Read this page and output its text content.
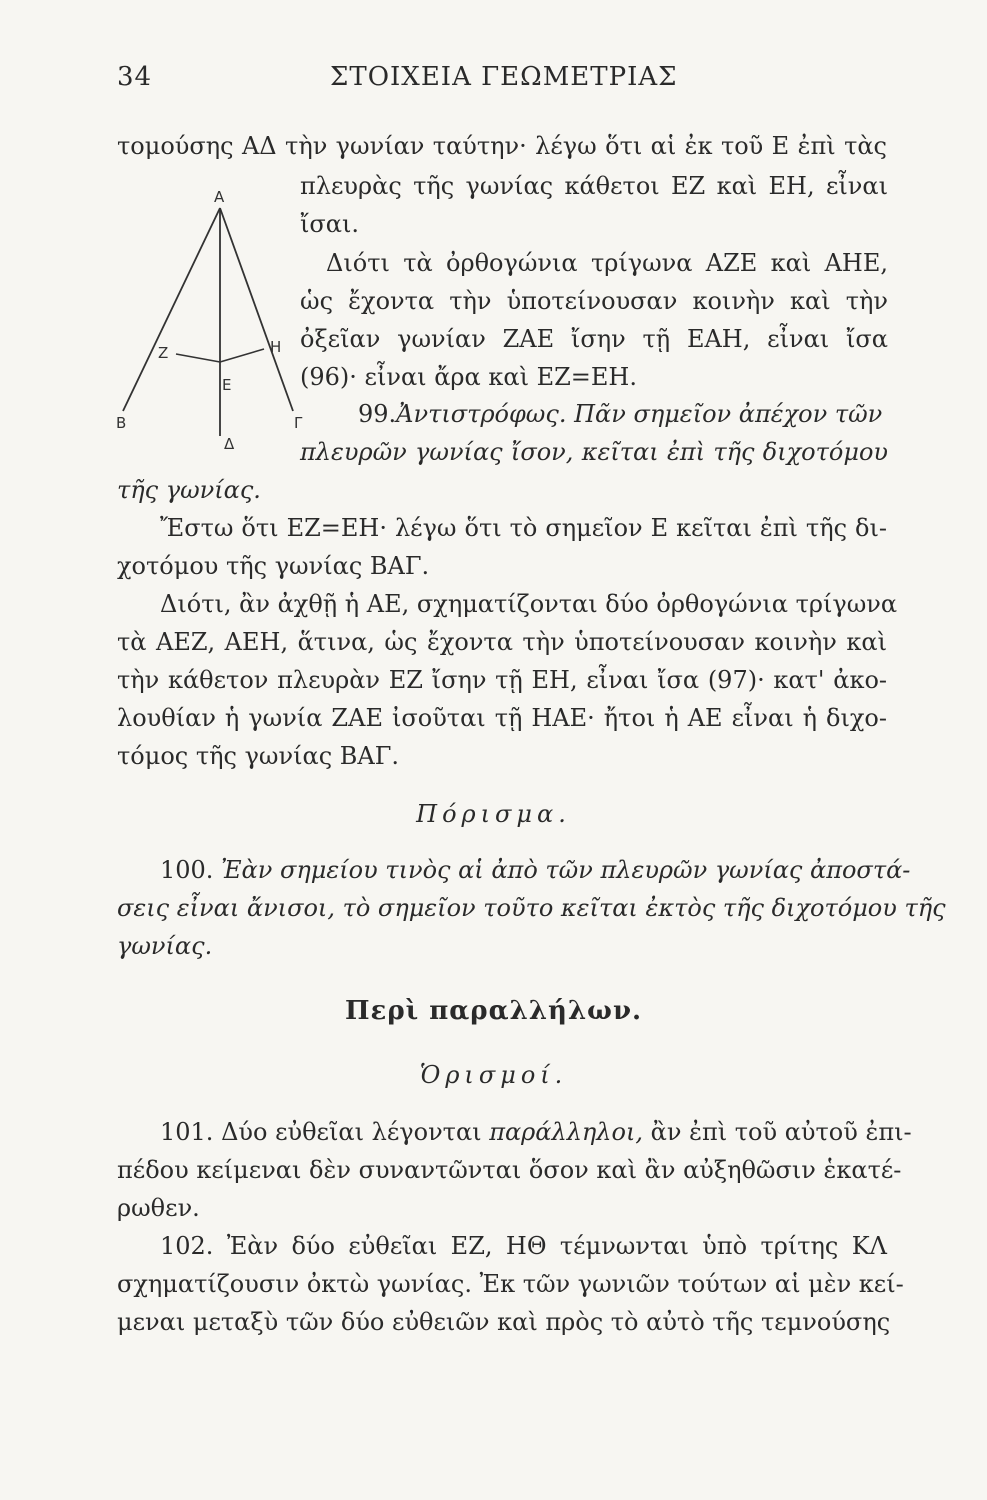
34	ΣΤΟΙΧΕΙΑ ΓΕΩΜΕΤΡΙΑΣ
Α
Ζ	Η
Ε
Β
Δ
Γ
τομούσης ΑΔ τὴν γωνίαν ταύτην· λέγω ὅτι αἱ ἐκ τοῦ Ε ἐπὶ τὰς
πλευρὰς τῆς γωνίας κάθετοι ΕΖ καὶ ΕΗ, εἶναι
ἴσαι.
Διότι τὰ ὀρθογώνια τρίγωνα ΑΖΕ καὶ ΑΗΕ,
ὡς ἔχοντα τὴν ὑποτείνουσαν κοινὴν καὶ τὴν
ὀξεῖαν γωνίαν ΖΑΕ ἴσην τῇ ΕΑΗ, εἶναι ἴσα
(96)· εἶναι ἄρα καὶ ΕΖ=ΕΗ.
99.Ἀντιστρόφως. Πᾶν σημεῖον ἀπέχον τῶν
πλευρῶν γωνίας ἴσον, κεῖται ἐπὶ τῆς διχοτόμου
τῆς γωνίας.
Ἔστω ὅτι ΕΖ=ΕΗ· λέγω ὅτι τὸ σημεῖον Ε κεῖται ἐπὶ τῆς δι-
χοτόμου τῆς γωνίας ΒΑΓ.
Διότι, ἂν ἀχθῇ ἡ ΑΕ, σχηματίζονται δύο ὀρθογώνια τρίγωνα
τὰ ΑΕΖ, ΑΕΗ, ἅτινα, ὡς ἔχοντα τὴν ὑποτείνουσαν κοινὴν καὶ
τὴν κάθετον πλευρὰν ΕΖ ἴσην τῇ ΕΗ, εἶναι ἴσα (97)· κατ' ἀκο-
λουθίαν ἡ γωνία ΖΑΕ ἰσοῦται τῇ ΗΑΕ· ἤτοι ἡ ΑΕ εἶναι ἡ διχο-
τόμος τῆς γωνίας ΒΑΓ.
Πόρισμα.
100. Ἐὰν σημείου τινὸς αἱ ἀπὸ τῶν πλευρῶν γωνίας ἀποστά-
σεις εἶναι ἄνισοι, τὸ σημεῖον τοῦτο κεῖται ἐκτὸς τῆς διχοτόμου τῆς
γωνίας.
Περὶ παραλλήλων.
Ὁρισμοί.
101. Δύο εὐθεῖαι λέγονται παράλληλοι, ἂν ἐπὶ τοῦ αὐτοῦ ἐπι-
πέδου κείμεναι δὲν συναντῶνται ὅσον καὶ ἂν αὐξηθῶσιν ἑκατέ-
ρωθεν.
102. Ἐὰν δύο εὐθεῖαι ΕΖ, ΗΘ τέμνωνται ὑπὸ τρίτης ΚΛ
σχηματίζουσιν ὀκτὼ γωνίας. Ἐκ τῶν γωνιῶν τούτων αἱ μὲν κεί-
μεναι μεταξὺ τῶν δύο εὐθειῶν καὶ πρὸς τὸ αὐτὸ τῆς τεμνούσης
